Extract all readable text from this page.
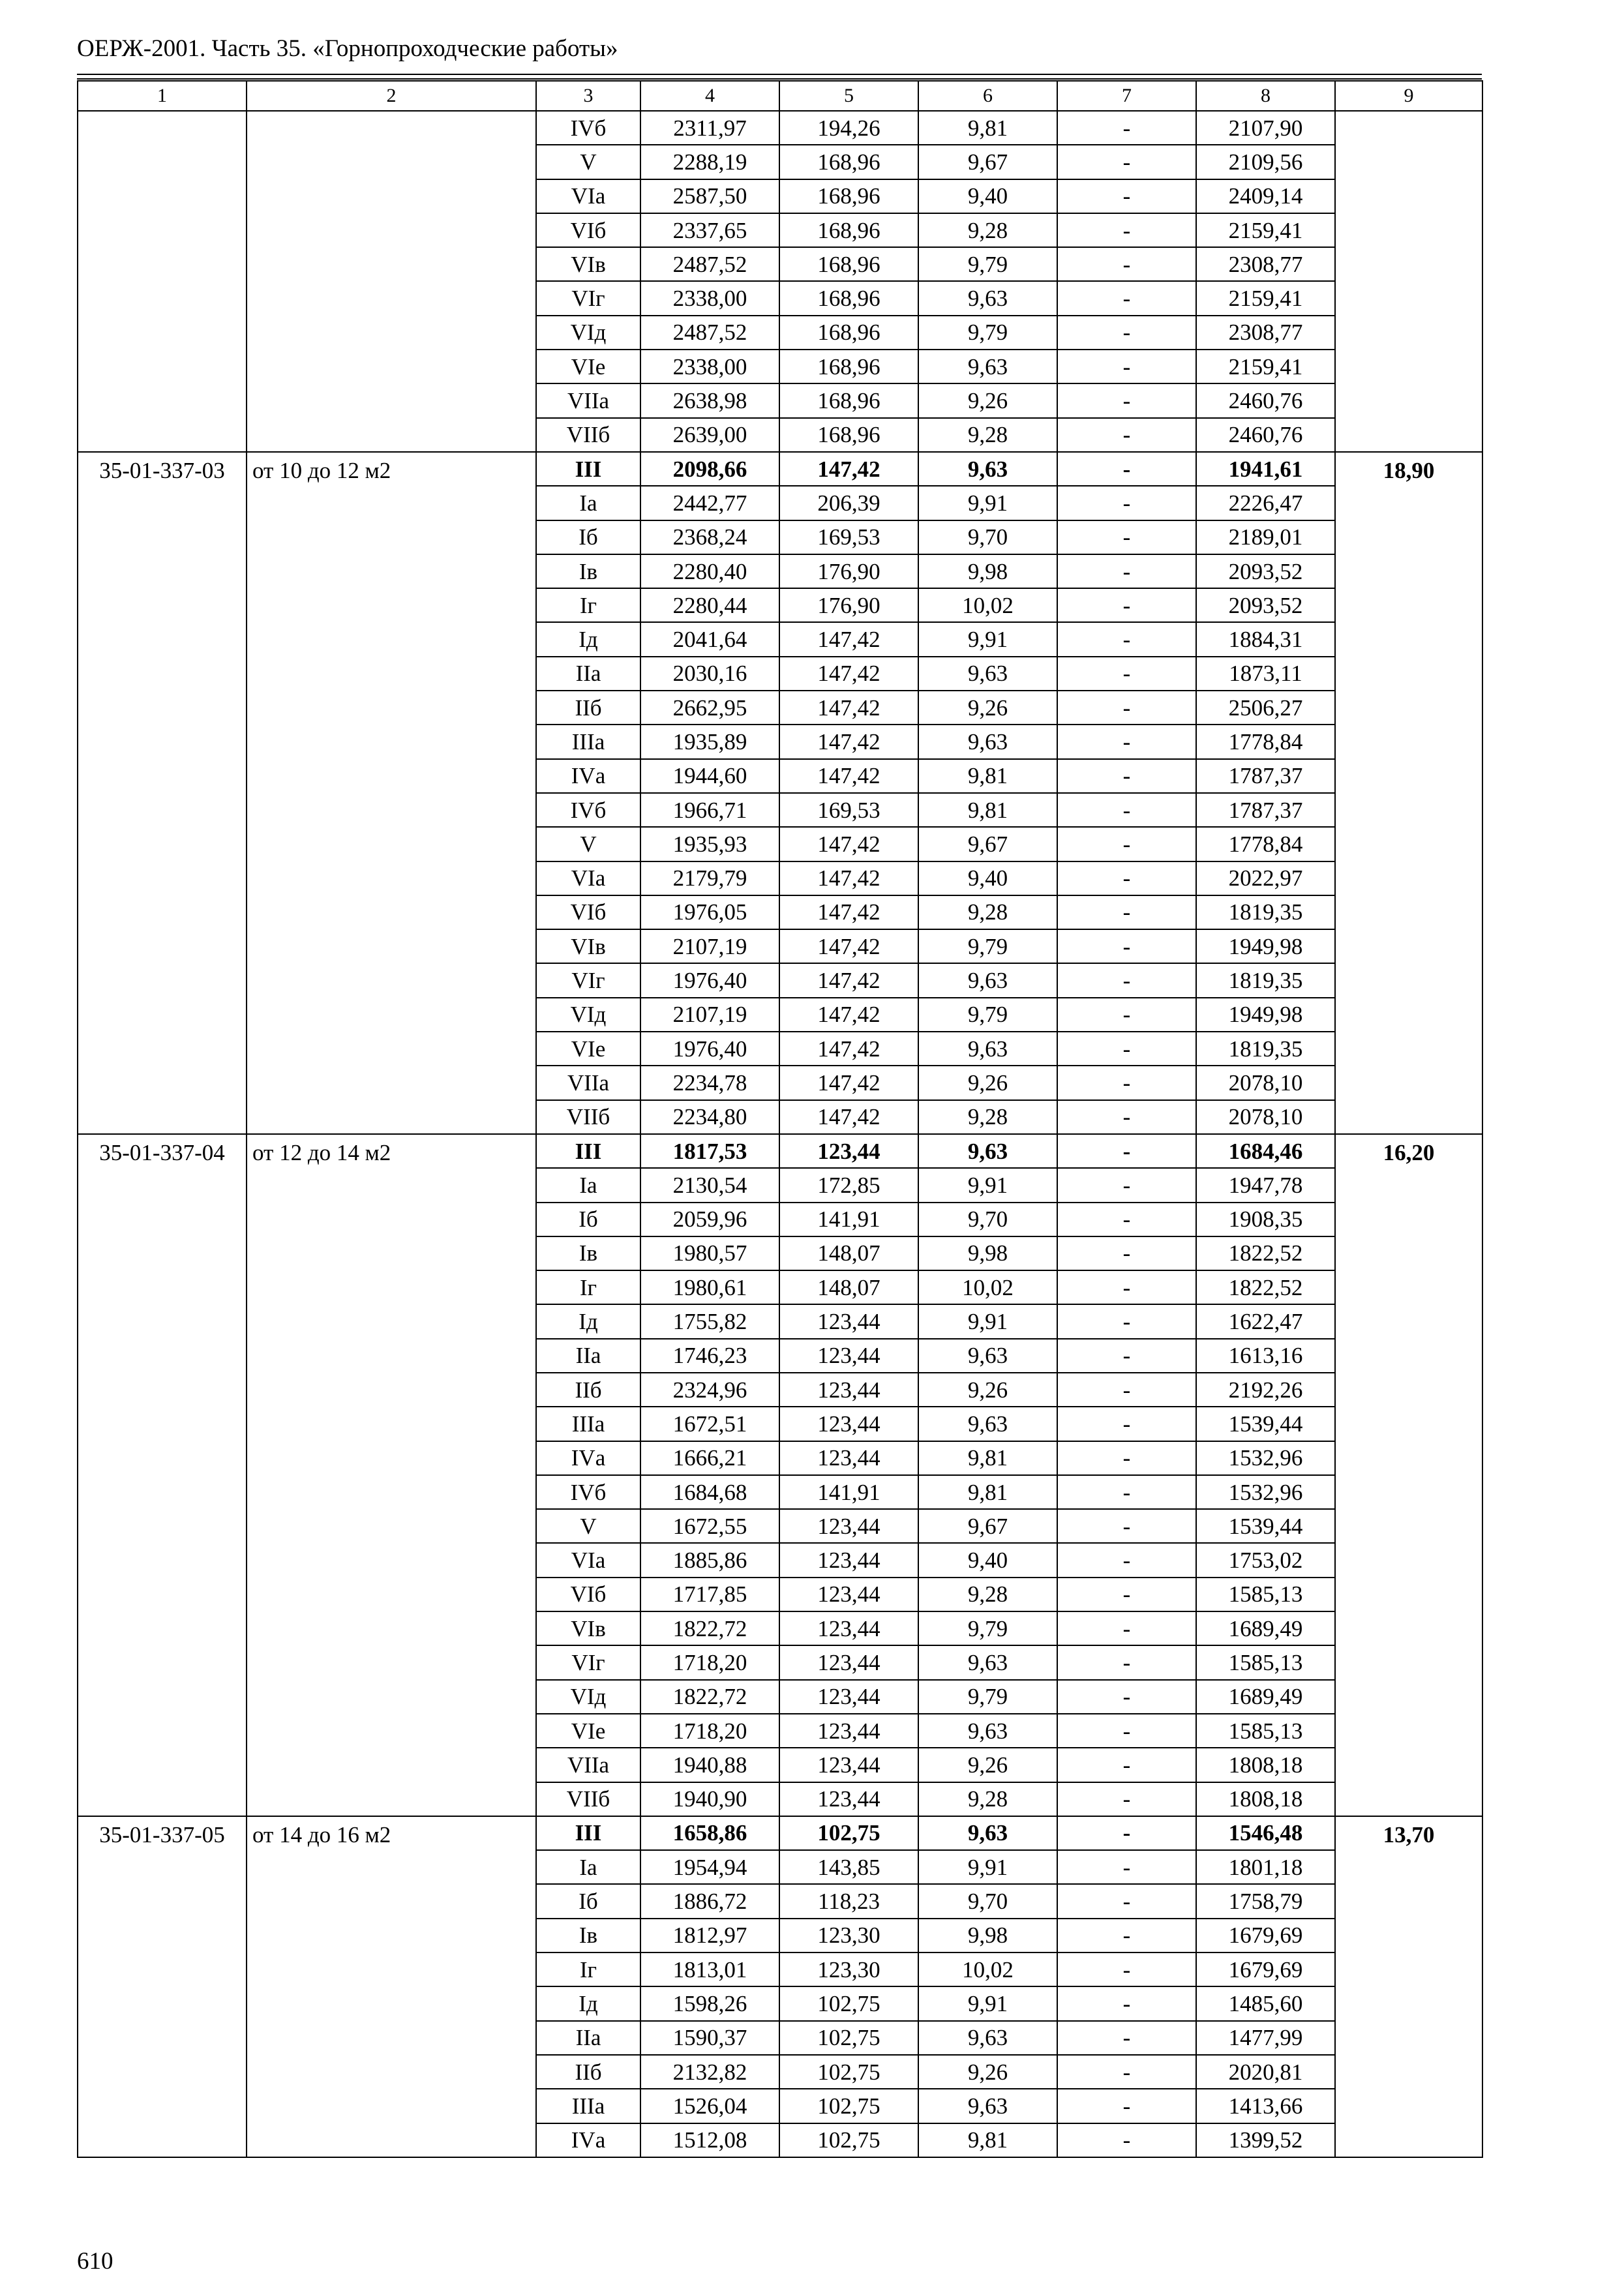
ОЕРЖ-2001. Часть 35. «Горнопроходческие работы»
1	2	3	4	5	6	7	8	9
		IVб	2311,97	194,26	9,81	-	2107,90	
		V	2288,19	168,96	9,67	-	2109,56	
		VIа	2587,50	168,96	9,40	-	2409,14	
		VIб	2337,65	168,96	9,28	-	2159,41	
		VIв	2487,52	168,96	9,79	-	2308,77	
		VIг	2338,00	168,96	9,63	-	2159,41	
		VIд	2487,52	168,96	9,79	-	2308,77	
		VIе	2338,00	168,96	9,63	-	2159,41	
		VIIа	2638,98	168,96	9,26	-	2460,76	
		VIIб	2639,00	168,96	9,28	-	2460,76	
35-01-337-03	от 10 до 12 м2	III	2098,66	147,42	9,63	-	1941,61	18,90
		Iа	2442,77	206,39	9,91	-	2226,47	
		Iб	2368,24	169,53	9,70	-	2189,01	
		Iв	2280,40	176,90	9,98	-	2093,52	
		Iг	2280,44	176,90	10,02	-	2093,52	
		Iд	2041,64	147,42	9,91	-	1884,31	
		IIа	2030,16	147,42	9,63	-	1873,11	
		IIб	2662,95	147,42	9,26	-	2506,27	
		IIIа	1935,89	147,42	9,63	-	1778,84	
		IVа	1944,60	147,42	9,81	-	1787,37	
		IVб	1966,71	169,53	9,81	-	1787,37	
		V	1935,93	147,42	9,67	-	1778,84	
		VIа	2179,79	147,42	9,40	-	2022,97	
		VIб	1976,05	147,42	9,28	-	1819,35	
		VIв	2107,19	147,42	9,79	-	1949,98	
		VIг	1976,40	147,42	9,63	-	1819,35	
		VIд	2107,19	147,42	9,79	-	1949,98	
		VIе	1976,40	147,42	9,63	-	1819,35	
		VIIа	2234,78	147,42	9,26	-	2078,10	
		VIIб	2234,80	147,42	9,28	-	2078,10	
35-01-337-04	от 12 до 14 м2	III	1817,53	123,44	9,63	-	1684,46	16,20
		Iа	2130,54	172,85	9,91	-	1947,78	
		Iб	2059,96	141,91	9,70	-	1908,35	
		Iв	1980,57	148,07	9,98	-	1822,52	
		Iг	1980,61	148,07	10,02	-	1822,52	
		Iд	1755,82	123,44	9,91	-	1622,47	
		IIа	1746,23	123,44	9,63	-	1613,16	
		IIб	2324,96	123,44	9,26	-	2192,26	
		IIIа	1672,51	123,44	9,63	-	1539,44	
		IVа	1666,21	123,44	9,81	-	1532,96	
		IVб	1684,68	141,91	9,81	-	1532,96	
		V	1672,55	123,44	9,67	-	1539,44	
		VIа	1885,86	123,44	9,40	-	1753,02	
		VIб	1717,85	123,44	9,28	-	1585,13	
		VIв	1822,72	123,44	9,79	-	1689,49	
		VIг	1718,20	123,44	9,63	-	1585,13	
		VIд	1822,72	123,44	9,79	-	1689,49	
		VIе	1718,20	123,44	9,63	-	1585,13	
		VIIа	1940,88	123,44	9,26	-	1808,18	
		VIIб	1940,90	123,44	9,28	-	1808,18	
35-01-337-05	от 14 до 16 м2	III	1658,86	102,75	9,63	-	1546,48	13,70
		Iа	1954,94	143,85	9,91	-	1801,18	
		Iб	1886,72	118,23	9,70	-	1758,79	
		Iв	1812,97	123,30	9,98	-	1679,69	
		Iг	1813,01	123,30	10,02	-	1679,69	
		Iд	1598,26	102,75	9,91	-	1485,60	
		IIа	1590,37	102,75	9,63	-	1477,99	
		IIб	2132,82	102,75	9,26	-	2020,81	
		IIIа	1526,04	102,75	9,63	-	1413,66	
		IVа	1512,08	102,75	9,81	-	1399,52	
610
